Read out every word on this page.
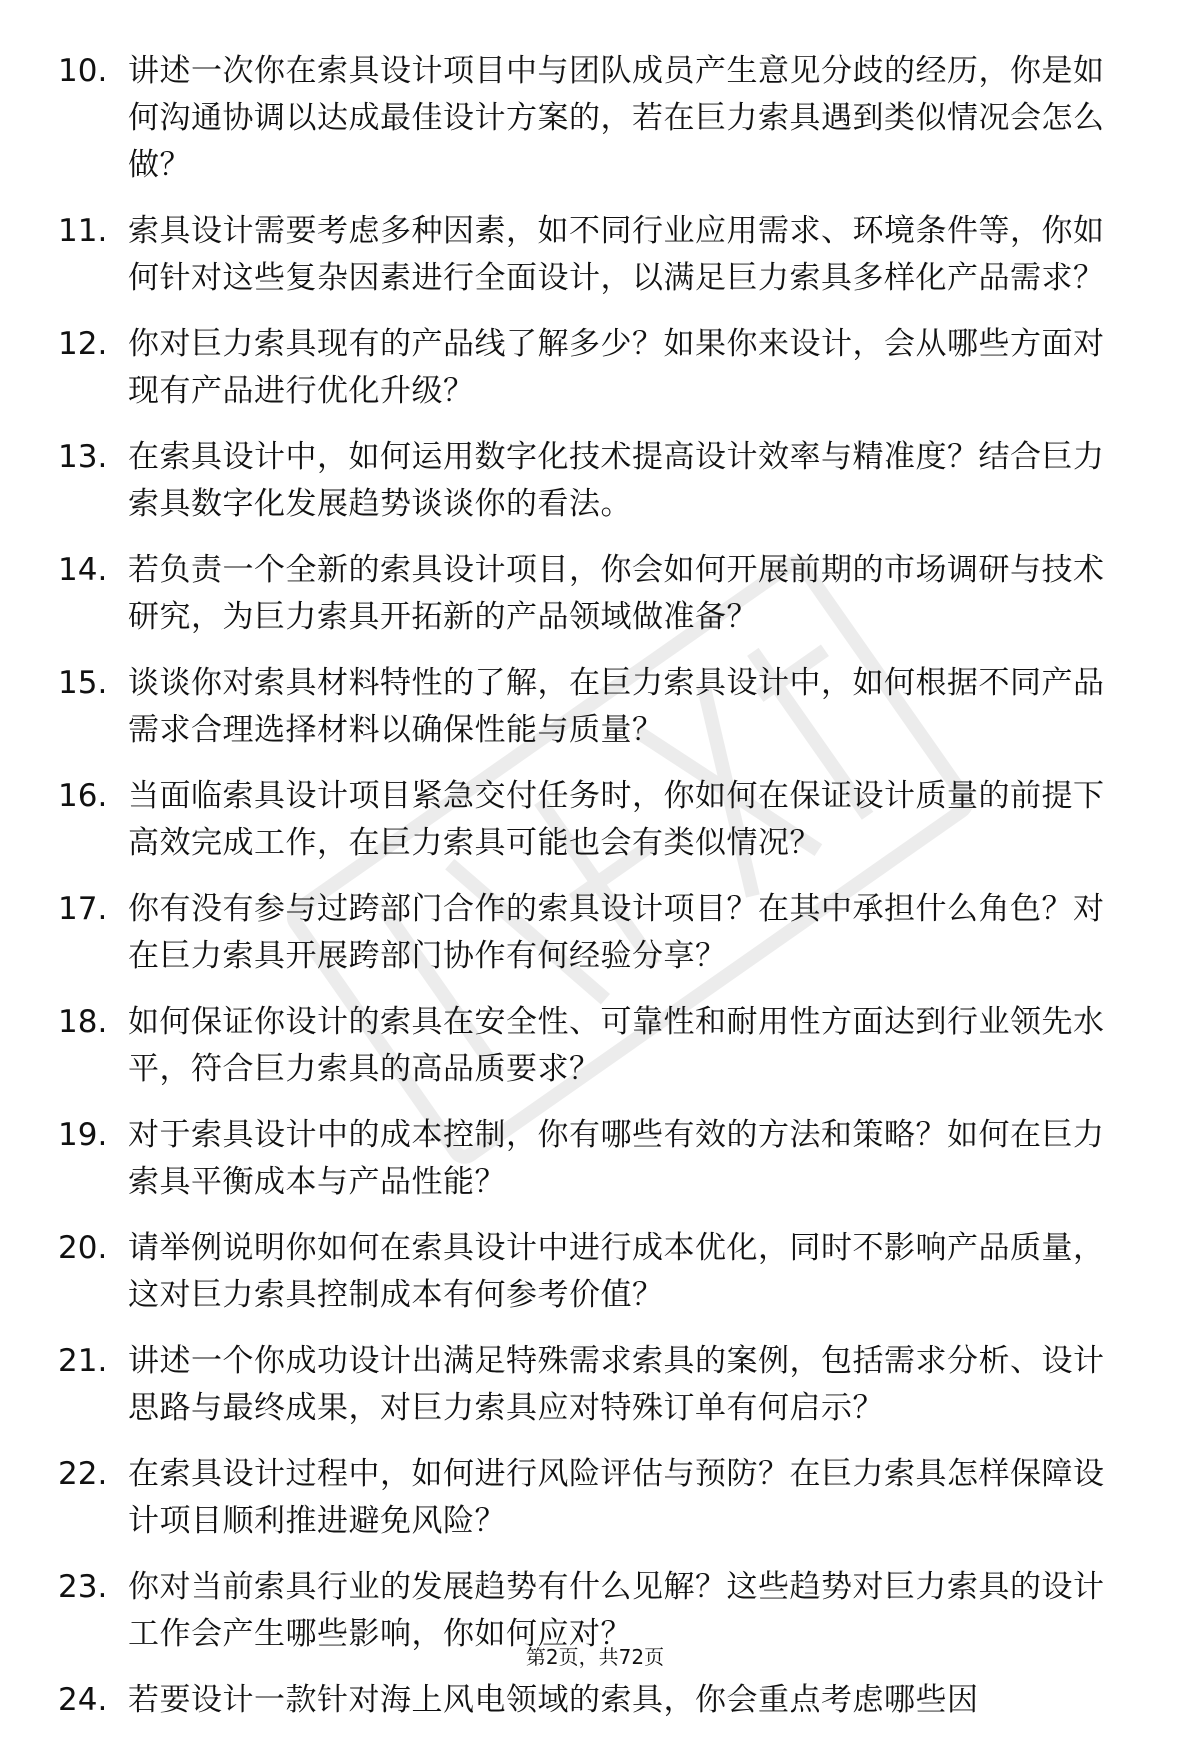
10. 讲述一次你在索具设计项目中与团队成员产生意见分歧的经历，你是如何沟通协调以达成最佳设计方案的，若在巨力索具遇到类似情况会怎么做？
11. 索具设计需要考虑多种因素，如不同行业应用需求、环境条件等，你如何针对这些复杂因素进行全面设计，以满足巨力索具多样化产品需求？
12. 你对巨力索具现有的产品线了解多少？如果你来设计，会从哪些方面对现有产品进行优化升级？
13. 在索具设计中，如何运用数字化技术提高设计效率与精准度？结合巨力索具数字化发展趋势谈谈你的看法。
14. 若负责一个全新的索具设计项目，你会如何开展前期的市场调研与技术研究，为巨力索具开拓新的产品领域做准备？
15. 谈谈你对索具材料特性的了解，在巨力索具设计中，如何根据不同产品需求合理选择材料以确保性能与质量？
16. 当面临索具设计项目紧急交付任务时，你如何在保证设计质量的前提下高效完成工作，在巨力索具可能也会有类似情况？
17. 你有没有参与过跨部门合作的索具设计项目？在其中承担什么角色？对在巨力索具开展跨部门协作有何经验分享？
18. 如何保证你设计的索具在安全性、可靠性和耐用性方面达到行业领先水平，符合巨力索具的高品质要求？
19. 对于索具设计中的成本控制，你有哪些有效的方法和策略？如何在巨力索具平衡成本与产品性能？
20. 请举例说明你如何在索具设计中进行成本优化，同时不影响产品质量，这对巨力索具控制成本有何参考价值？
21. 讲述一个你成功设计出满足特殊需求索具的案例，包括需求分析、设计思路与最终成果，对巨力索具应对特殊订单有何启示？
22. 在索具设计过程中，如何进行风险评估与预防？在巨力索具怎样保障设计项目顺利推进避免风险？
23. 你对当前索具行业的发展趋势有什么见解？这些趋势对巨力索具的设计工作会产生哪些影响，你如何应对？
24. 若要设计一款针对海上风电领域的索具，你会重点考虑哪些因
第2页，共72页
